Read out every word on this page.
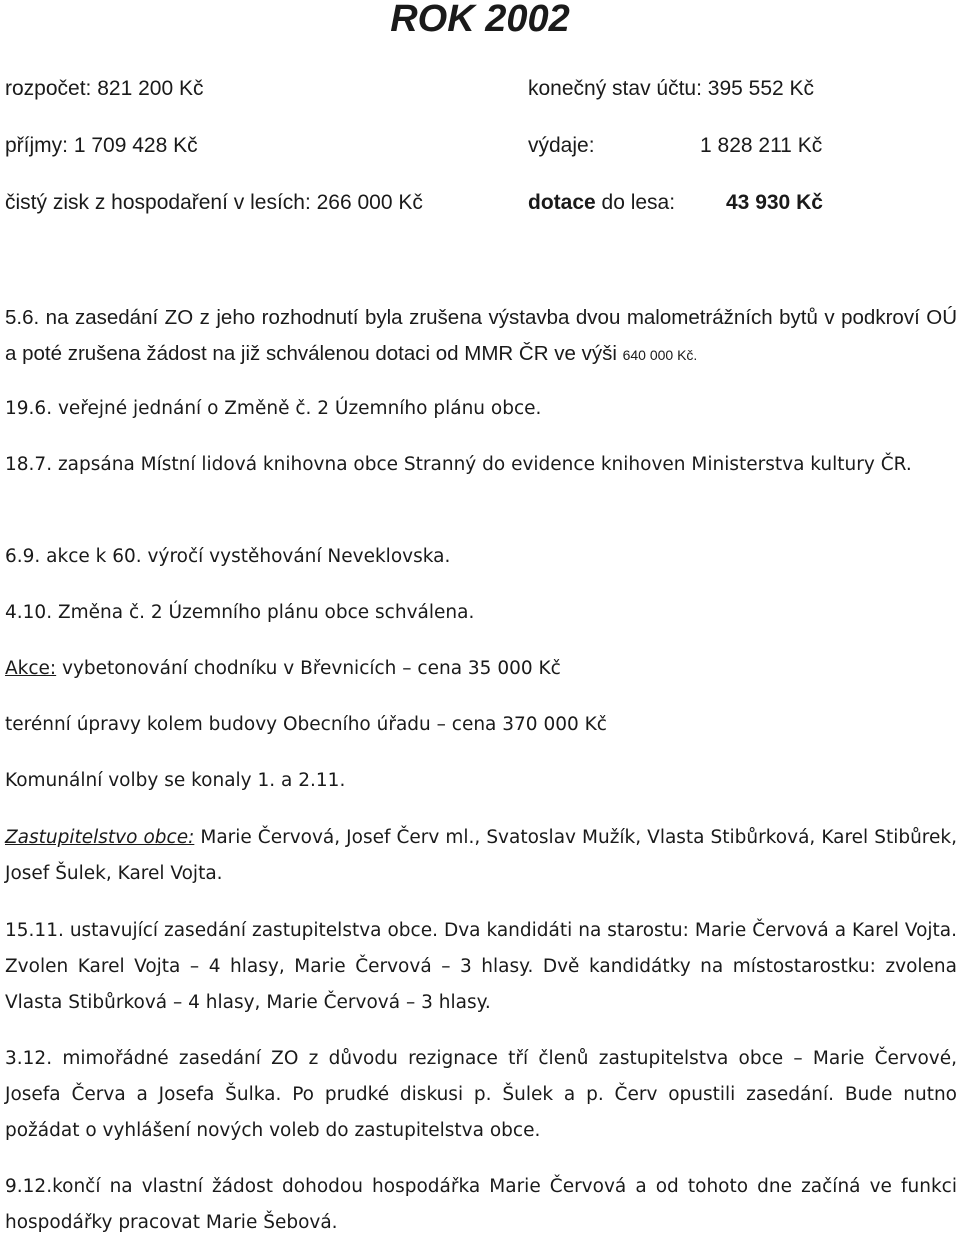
ROK 2002
rozpočet: 821 200 Kč	konečný stav účtu: 395 552 Kč
příjmy: 1 709 428 Kč	výdaje:	1 828 211 Kč
čistý zisk z hospodaření v lesích: 266 000 Kč	dotace do lesa: 43 930 Kč

5.6. na zasedání ZO z jeho rozhodnutí byla zrušena výstavba dvou malometrážních bytů v podkroví OÚ a poté zrušena žádost na již schválenou dotaci od MMR ČR ve výši 640 000 Kč.

19.6. veřejné jednání o Změně č. 2 Územního plánu obce.

18.7. zapsána Místní lidová knihovna obce Stranný do evidence knihoven Ministerstva kultury ČR.

6.9. akce k 60. výročí vystěhování Neveklovska.

4.10. Změna č. 2 Územního plánu obce schválena.

Akce: vybetonování chodníku v Břevnicích – cena 35 000 Kč

terénní úpravy kolem budovy Obecního úřadu – cena 370 000 Kč

Komunální volby se konaly 1. a 2.11.

Zastupitelstvo obce: Marie Červová, Josef Červ ml., Svatoslav Mužík, Vlasta Stibůrková, Karel Stibůrek, Josef Šulek, Karel Vojta.

15.11. ustavující zasedání zastupitelstva obce. Dva kandidáti na starostu: Marie Červová a Karel Vojta. Zvolen Karel Vojta – 4 hlasy, Marie Červová – 3 hlasy. Dvě kandidátky na místostarostku: zvolena Vlasta Stibůrková – 4 hlasy, Marie Červová – 3 hlasy.

3.12. mimořádné zasedání ZO z důvodu rezignace tří členů zastupitelstva obce – Marie Červové, Josefa Červa a Josefa Šulka. Po prudké diskusi p. Šulek a p. Červ opustili zasedání. Bude nutno požádat o vyhlášení nových voleb do zastupitelstva obce.

9.12.končí na vlastní žádost dohodou hospodářka Marie Červová a od tohoto dne začíná ve funkci hospodářky pracovat Marie Šebová.
